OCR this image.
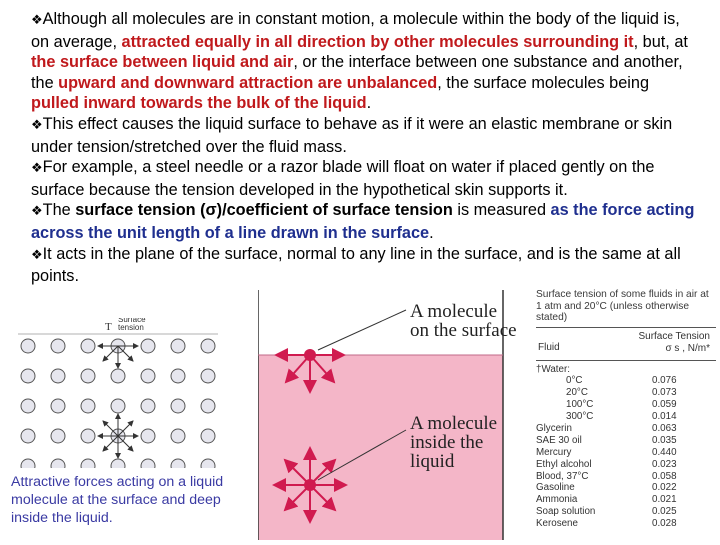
❖Although all molecules are in constant motion, a molecule within the body of the liquid is, on average, attracted equally in all direction by other molecules surrounding it, but, at the surface between liquid and air, or the interface between one substance and another, the upward and downward attraction are unbalanced, the surface molecules being pulled inward towards the bulk of the liquid.

❖This effect causes the liquid surface to behave as if it were an elastic membrane or skin under tension/stretched over the fluid mass.

❖For example, a steel needle or a razor blade will float on water if placed gently on the surface because the tension developed in the hypothetical skin supports it.

❖The surface tension (σ)/coefficient of surface tension is measured as the force acting across the unit length of a line drawn in the surface.

❖It acts in the plane of the surface, normal to any line in the surface, and is the same at all points.

Surface
tension
T
Attractive forces acting on a liquid molecule at the surface and deep inside the liquid.
A molecule
on the surface
A molecule
inside the
liquid
Surface tension of some fluids in air at 1 atm and 20°C (unless otherwise stated)
Fluid
Surface Tension
σ s , N/m*
†Water:
0°C	0.076
20°C	0.073
100°C	0.059
300°C	0.014
Glycerin	0.063
SAE 30 oil	0.035
Mercury	0.440
Ethyl alcohol	0.023
Blood, 37°C	0.058
Gasoline	0.022
Ammonia	0.021
Soap solution	0.025
Kerosene	0.028
